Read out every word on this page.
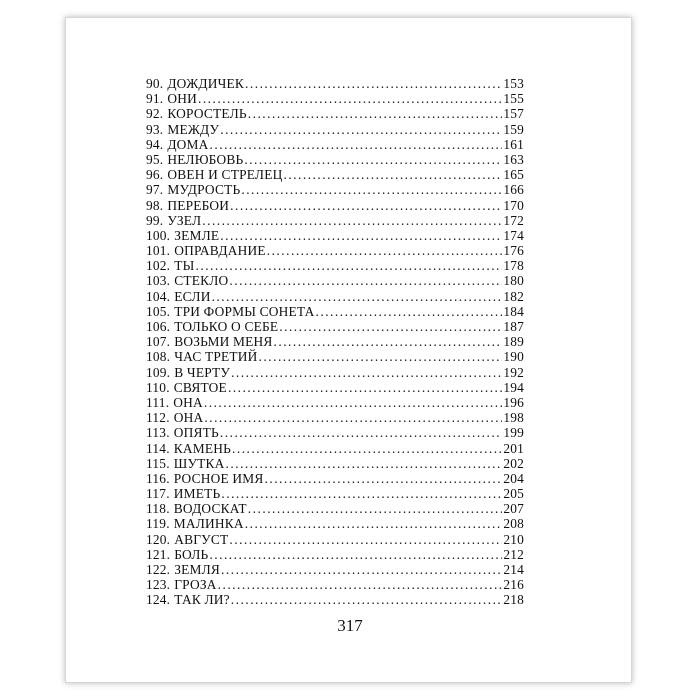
90. ДОЖДИЧЕК .....	153
91. ОНИ .....	155
92. КОРОСТЕЛЬ .....	157
93. МЕЖДУ .....	159
94. ДОМА .....	161
95. НЕЛЮБОВЬ .....	163
96. ОВЕН И СТРЕЛЕЦ .....	165
97. МУДРОСТЬ .....	166
98. ПЕРЕБОИ .....	170
99. УЗЕЛ .....	172
100. ЗЕМЛЕ .....	174
101. ОПРАВДАНИЕ .....	176
102. ТЫ .....	178
103. СТЕКЛО .....	180
104. ЕСЛИ .....	182
105. ТРИ ФОРМЫ СОНЕТА .....	184
106. ТОЛЬКО О СЕБЕ .....	187
107. ВОЗЬМИ МЕНЯ .....	189
108. ЧАС ТРЕТИЙ .....	190
109. В ЧЕРТУ .....	192
110. СВЯТОЕ .....	194
111. ОНА .....	196
112. ОНА .....	198
113. ОПЯТЬ .....	199
114. КАМЕНЬ .....	201
115. ШУТКА .....	202
116. РОСНОЕ ИМЯ .....	204
117. ИМЕТЬ .....	205
118. ВОДОСКАТ .....	207
119. МАЛИНКА .....	208
120. АВГУСТ .....	210
121. БОЛЬ .....	212
122. ЗЕМЛЯ .....	214
123. ГРОЗА .....	216
124. ТАК ЛИ? .....	218
317
